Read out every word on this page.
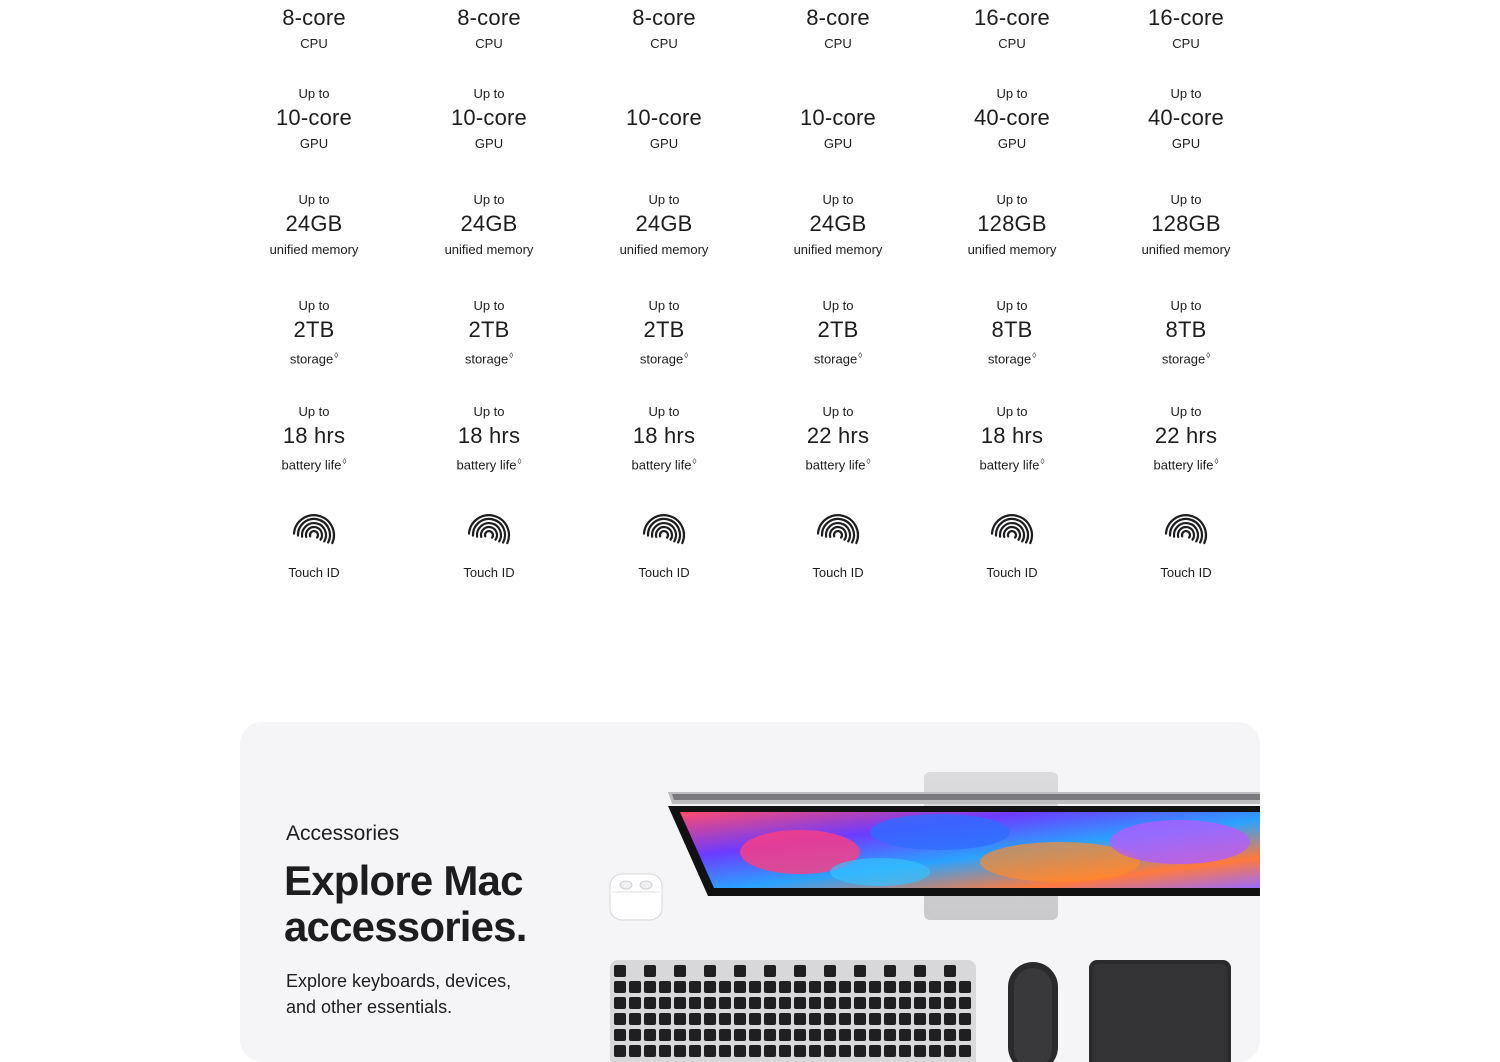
8-core
CPU
Up to
10-core
GPU
Up to
24GB
unified memory
Up to
2TB
storage◊
Up to
18 hrs
battery life◊
Touch ID
8-core
CPU
Up to
10-core
GPU
Up to
24GB
unified memory
Up to
2TB
storage◊
Up to
18 hrs
battery life◊
Touch ID
8-core
CPU
10-core
GPU
Up to
24GB
unified memory
Up to
2TB
storage◊
Up to
18 hrs
battery life◊
Touch ID
8-core
CPU
10-core
GPU
Up to
24GB
unified memory
Up to
2TB
storage◊
Up to
22 hrs
battery life◊
Touch ID
16-core
CPU
Up to
40-core
GPU
Up to
128GB
unified memory
Up to
8TB
storage◊
Up to
18 hrs
battery life◊
Touch ID
16-core
CPU
Up to
40-core
GPU
Up to
128GB
unified memory
Up to
8TB
storage◊
Up to
22 hrs
battery life◊
Touch ID
Accessories
Explore Mac
accessories.
Explore keyboards, devices, and other essentials.
